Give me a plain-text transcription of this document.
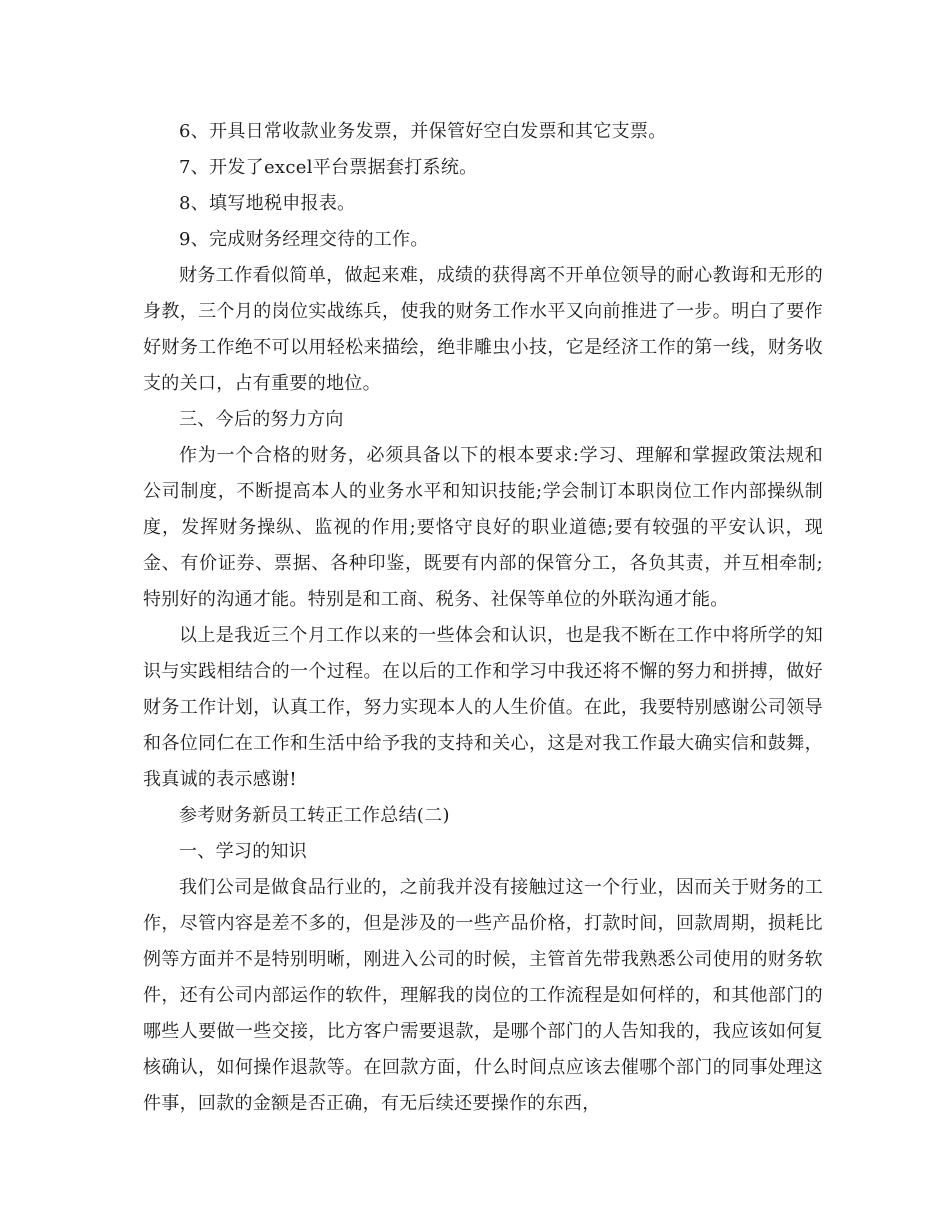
6、开具日常收款业务发票，并保管好空白发票和其它支票。

7、开发了excel平台票据套打系统。

8、填写地税申报表。

9、完成财务经理交待的工作。

财务工作看似简单，做起来难，成绩的获得离不开单位领导的耐心教诲和无形的身教，三个月的岗位实战练兵，使我的财务工作水平又向前推进了一步。明白了要作好财务工作绝不可以用轻松来描绘，绝非雕虫小技，它是经济工作的第一线，财务收支的关口，占有重要的地位。

三、今后的努力方向

作为一个合格的财务，必须具备以下的根本要求:学习、理解和掌握政策法规和公司制度，不断提高本人的业务水平和知识技能;学会制订本职岗位工作内部操纵制度，发挥财务操纵、监视的作用;要恪守良好的职业道德;要有较强的平安认识，现金、有价证券、票据、各种印鉴，既要有内部的保管分工，各负其责，并互相牵制;特别好的沟通才能。特别是和工商、税务、社保等单位的外联沟通才能。

以上是我近三个月工作以来的一些体会和认识，也是我不断在工作中将所学的知识与实践相结合的一个过程。在以后的工作和学习中我还将不懈的努力和拼搏，做好财务工作计划，认真工作，努力实现本人的人生价值。在此，我要特别感谢公司领导和各位同仁在工作和生活中给予我的支持和关心，这是对我工作最大确实信和鼓舞，我真诚的表示感谢!

参考财务新员工转正工作总结(二)

一、学习的知识

我们公司是做食品行业的，之前我并没有接触过这一个行业，因而关于财务的工作，尽管内容是差不多的，但是涉及的一些产品价格，打款时间，回款周期，损耗比例等方面并不是特别明晰，刚进入公司的时候，主管首先带我熟悉公司使用的财务软件，还有公司内部运作的软件，理解我的岗位的工作流程是如何样的，和其他部门的哪些人要做一些交接，比方客户需要退款，是哪个部门的人告知我的，我应该如何复核确认，如何操作退款等。在回款方面，什么时间点应该去催哪个部门的同事处理这件事，回款的金额是否正确，有无后续还要操作的东西，
